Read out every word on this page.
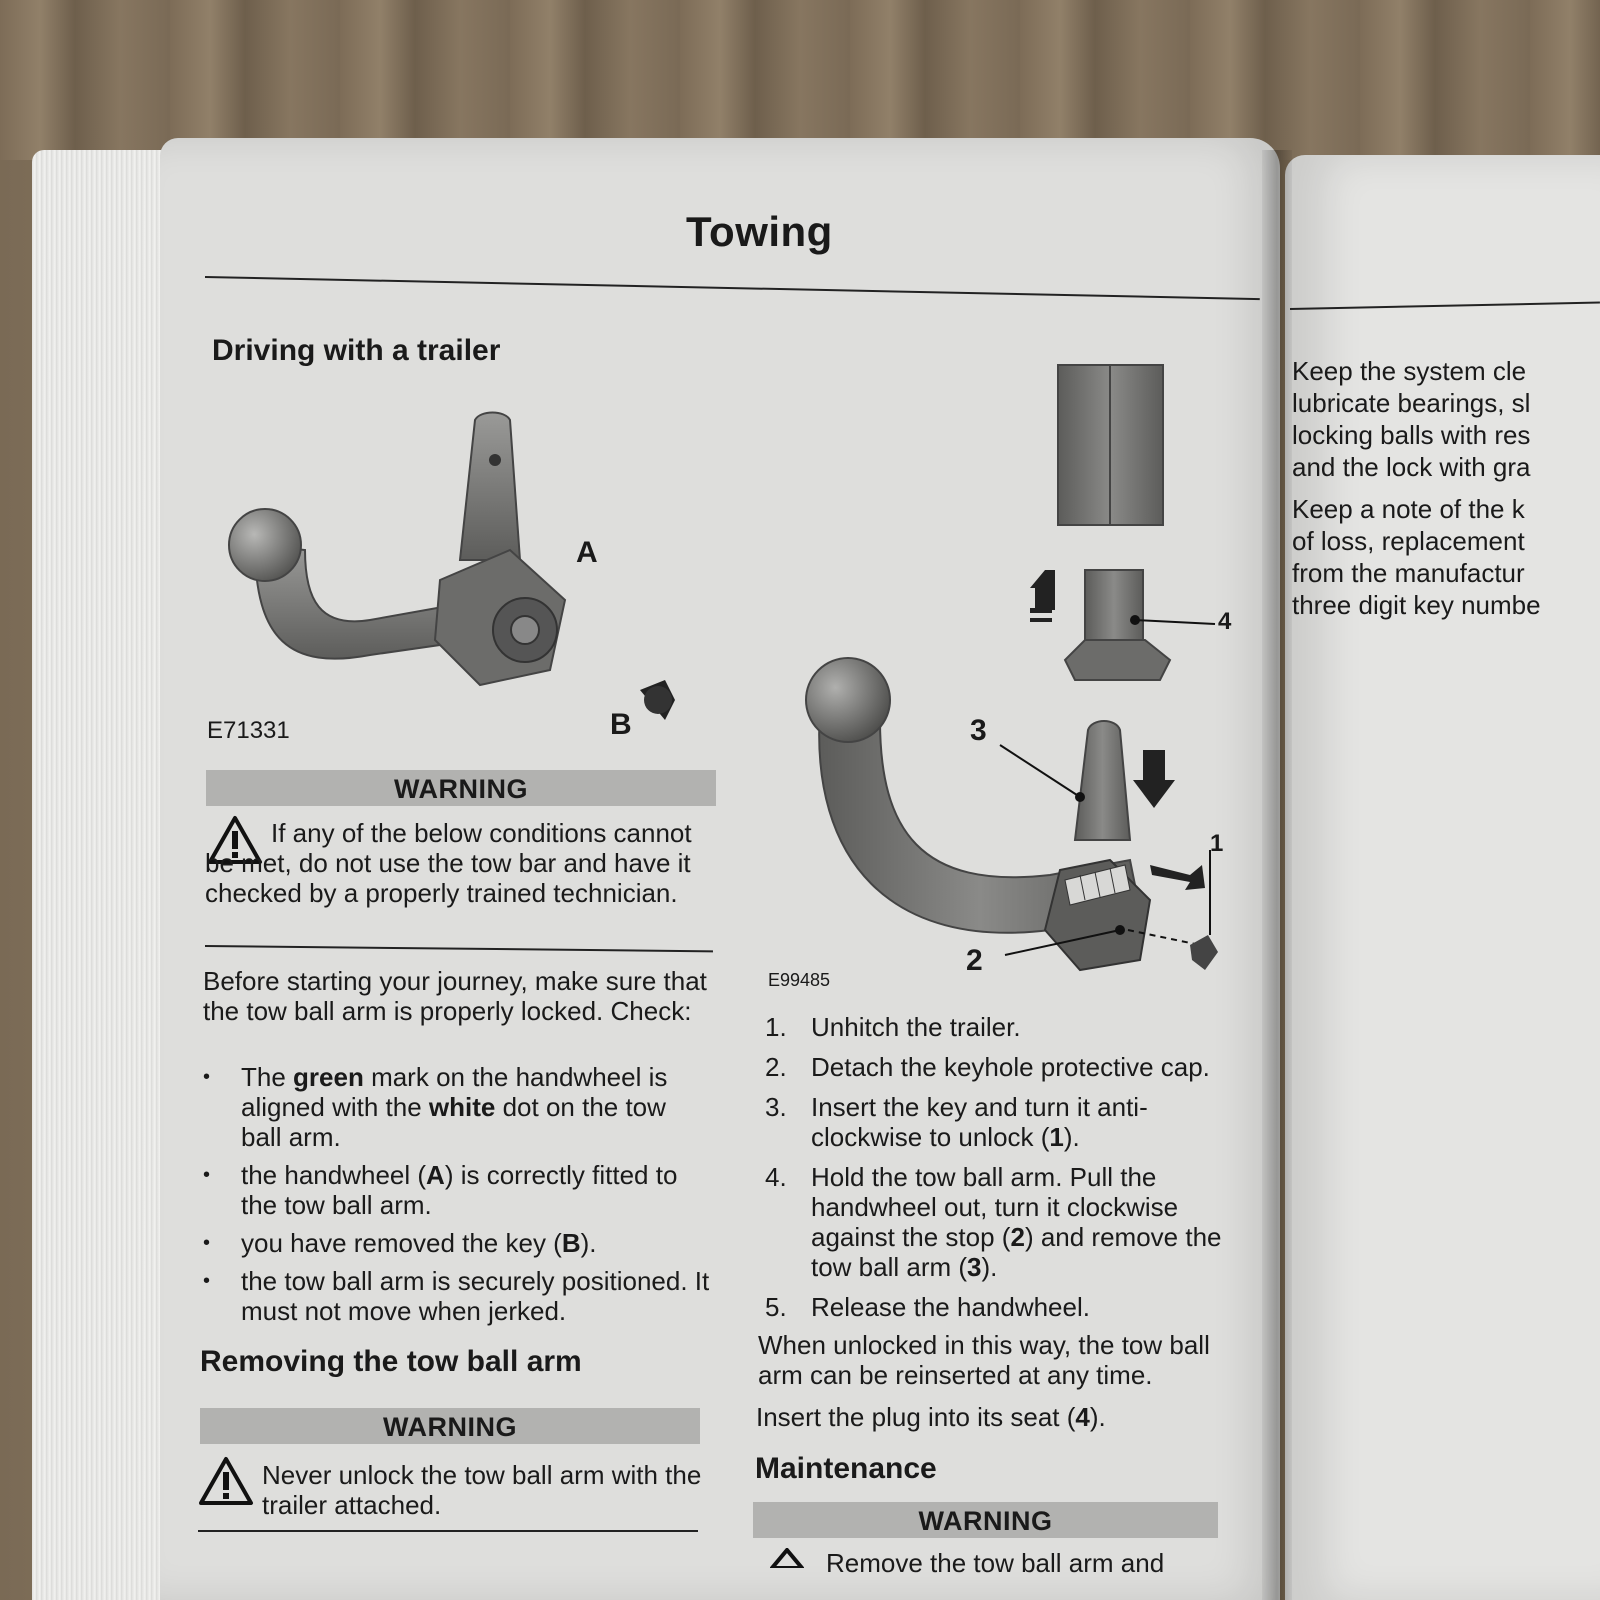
Towing
Driving with a trailer
A
B
E71331
WARNING
If any of the below conditions cannot be met, do not use the tow bar and have it checked by a properly trained technician.
Before starting your journey, make sure that the tow ball arm is properly locked. Check:
• The green mark on the handwheel is aligned with the white dot on the tow ball arm.
• the handwheel (A) is correctly fitted to the tow ball arm.
• you have removed the key (B).
• the tow ball arm is securely positioned. It must not move when jerked.
Removing the tow ball arm
WARNING
Never unlock the tow ball arm with the trailer attached.
4
3
1
2
E99485
1. Unhitch the trailer.
2. Detach the keyhole protective cap.
3. Insert the key and turn it anti-clockwise to unlock (1).
4. Hold the tow ball arm. Pull the handwheel out, turn it clockwise against the stop (2) and remove the tow ball arm (3).
5. Release the handwheel.
When unlocked in this way, the tow ball arm can be reinserted at any time.
Insert the plug into its seat (4).
Maintenance
WARNING
Remove the tow ball arm and
Keep the system cle
lubricate bearings, sl
locking balls with res
and the lock with gra
Keep a note of the k
of loss, replacement
from the manufactur
three digit key numbe
